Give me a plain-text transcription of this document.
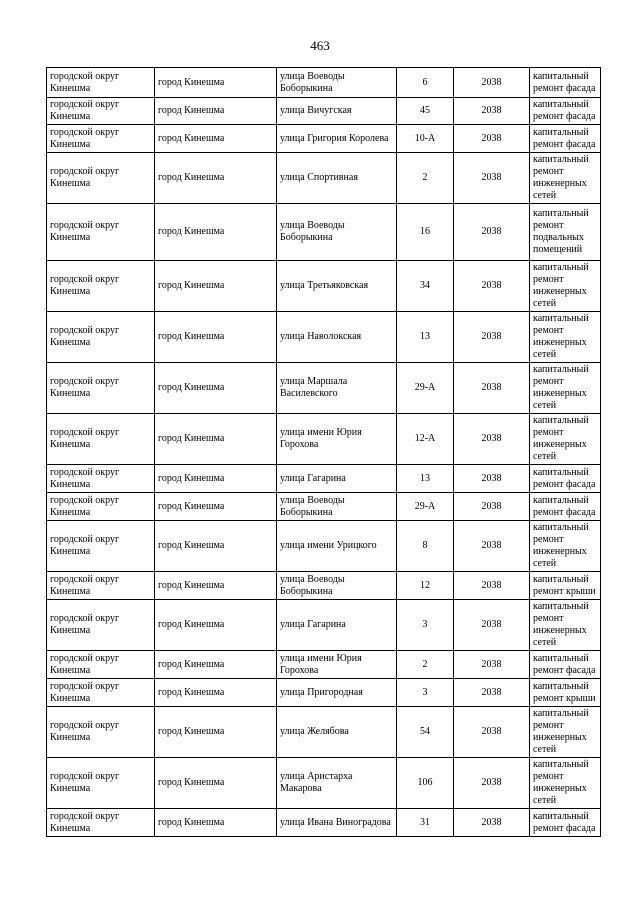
463
городской округ Кинешма	город Кинешма	улица Воеводы Боборыкина	6	2038	капитальный ремонт фасада
городской округ Кинешма	город Кинешма	улица Вичугская	45	2038	капитальный ремонт фасада
городской округ Кинешма	город Кинешма	улица Григория Королева	10-А	2038	капитальный ремонт фасада
городской округ Кинешма	город Кинешма	улица Спортивная	2	2038	капитальный ремонт инженерных сетей
городской округ Кинешма	город Кинешма	улица Воеводы Боборыкина	16	2038	капитальный ремонт подвальных помещений
городской округ Кинешма	город Кинешма	улица Третьяковская	34	2038	капитальный ремонт инженерных сетей
городской округ Кинешма	город Кинешма	улица Наволокская	13	2038	капитальный ремонт инженерных сетей
городской округ Кинешма	город Кинешма	улица Маршала Василевского	29-А	2038	капитальный ремонт инженерных сетей
городской округ Кинешма	город Кинешма	улица имени Юрия Горохова	12-А	2038	капитальный ремонт инженерных сетей
городской округ Кинешма	город Кинешма	улица Гагарина	13	2038	капитальный ремонт фасада
городской округ Кинешма	город Кинешма	улица Воеводы Боборыкина	29-А	2038	капитальный ремонт фасада
городской округ Кинешма	город Кинешма	улица имени Урицкого	8	2038	капитальный ремонт инженерных сетей
городской округ Кинешма	город Кинешма	улица Воеводы Боборыкина	12	2038	капитальный ремонт крыши
городской округ Кинешма	город Кинешма	улица Гагарина	3	2038	капитальный ремонт инженерных сетей
городской округ Кинешма	город Кинешма	улица имени Юрия Горохова	2	2038	капитальный ремонт фасада
городской округ Кинешма	город Кинешма	улица Пригородная	3	2038	капитальный ремонт крыши
городской округ Кинешма	город Кинешма	улица Желябова	54	2038	капитальный ремонт инженерных сетей
городской округ Кинешма	город Кинешма	улица Аристарха Макарова	106	2038	капитальный ремонт инженерных сетей
городской округ Кинешма	город Кинешма	улица Ивана Виноградова	31	2038	капитальный ремонт фасада
